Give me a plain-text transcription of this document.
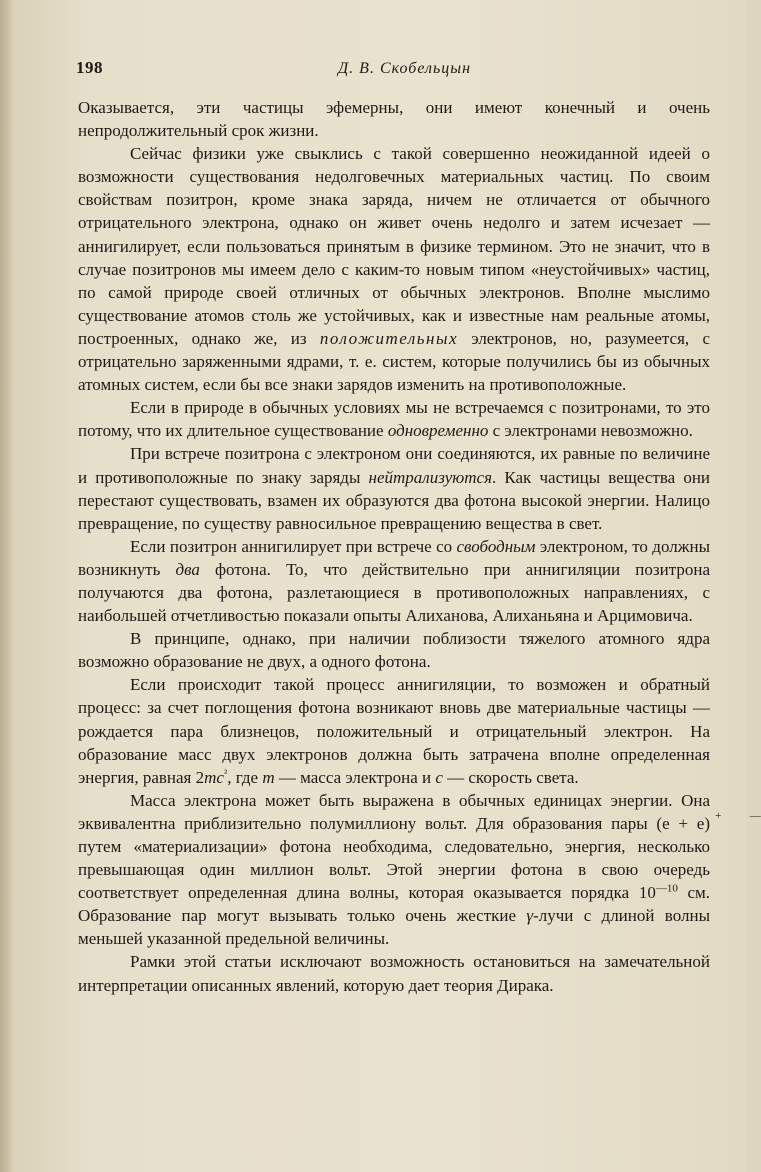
198	Д. В. Скобельцын

Оказывается, эти частицы эфемерны, они имеют конечный и очень непродолжительный срок жизни.

Сейчас физики уже свыклись с такой совершенно неожиданной идеей о возможности существования недолговечных материальных частиц. По своим свойствам позитрон, кроме знака заряда, ничем не отличается от обычного отрицательного электрона, однако он живет очень недолго и затем исчезает — аннигилирует, если пользоваться принятым в физике термином. Это не значит, что в случае позитронов мы имеем дело с каким-то новым типом «неустойчивых» частиц, по самой природе своей отличных от обычных электронов. Вполне мыслимо существование атомов столь же устойчивых, как и известные нам реальные атомы, построенных, однако же, из положительных электронов, но, разумеется, с отрицательно заряженными ядрами, т. е. систем, которые получились бы из обычных атомных систем, если бы все знаки зарядов изменить на противоположные.

Если в природе в обычных условиях мы не встречаемся с позитронами, то это потому, что их длительное существование одновременно с электронами невозможно.

При встрече позитрона с электроном они соединяются, их равные по величине и противоположные по знаку заряды нейтрализуются. Как частицы вещества они перестают существовать, взамен их образуются два фотона высокой энергии. Налицо превращение, по существу равносильное превращению вещества в свет.

Если позитрон аннигилирует при встрече со свободным электроном, то должны возникнуть два фотона. То, что действительно при аннигиляции позитрона получаются два фотона, разлетающиеся в противоположных направлениях, с наибольшей отчетливостью показали опыты Алиханова, Алиханьяна и Арцимовича.

В принципе, однако, при наличии поблизости тяжелого атомного ядра возможно образование не двух, а одного фотона.

Если происходит такой процесс аннигиляции, то возможен и обратный процесс: за счет поглощения фотона возникают вновь две материальные частицы — рождается пара близнецов, положительный и отрицательный электрон. На образование масс двух электронов должна быть затрачена вполне определенная энергия, равная $2mc^{^2}$, где m — масса электрона и c — скорость света.

Масса электрона может быть выражена в обычных единицах энергии. Она эквивалентна приблизительно полумиллиону вольт. Для образования пары (	+
e +	—
e) путем «материализации» фотона необходима, следовательно, энергия, несколько превышающая один миллион вольт. Этой энергии фотона в свою очередь соответствует определенная длина волны, которая оказывается порядка $10^{—10}$ см. Образование пар могут вызывать только очень жесткие γ-лучи с длиной волны меньшей указанной предельной величины.

Рамки этой статьи исключают возможность остановиться на замечательной интерпретации описанных явлений, которую дает теория Дирака.
